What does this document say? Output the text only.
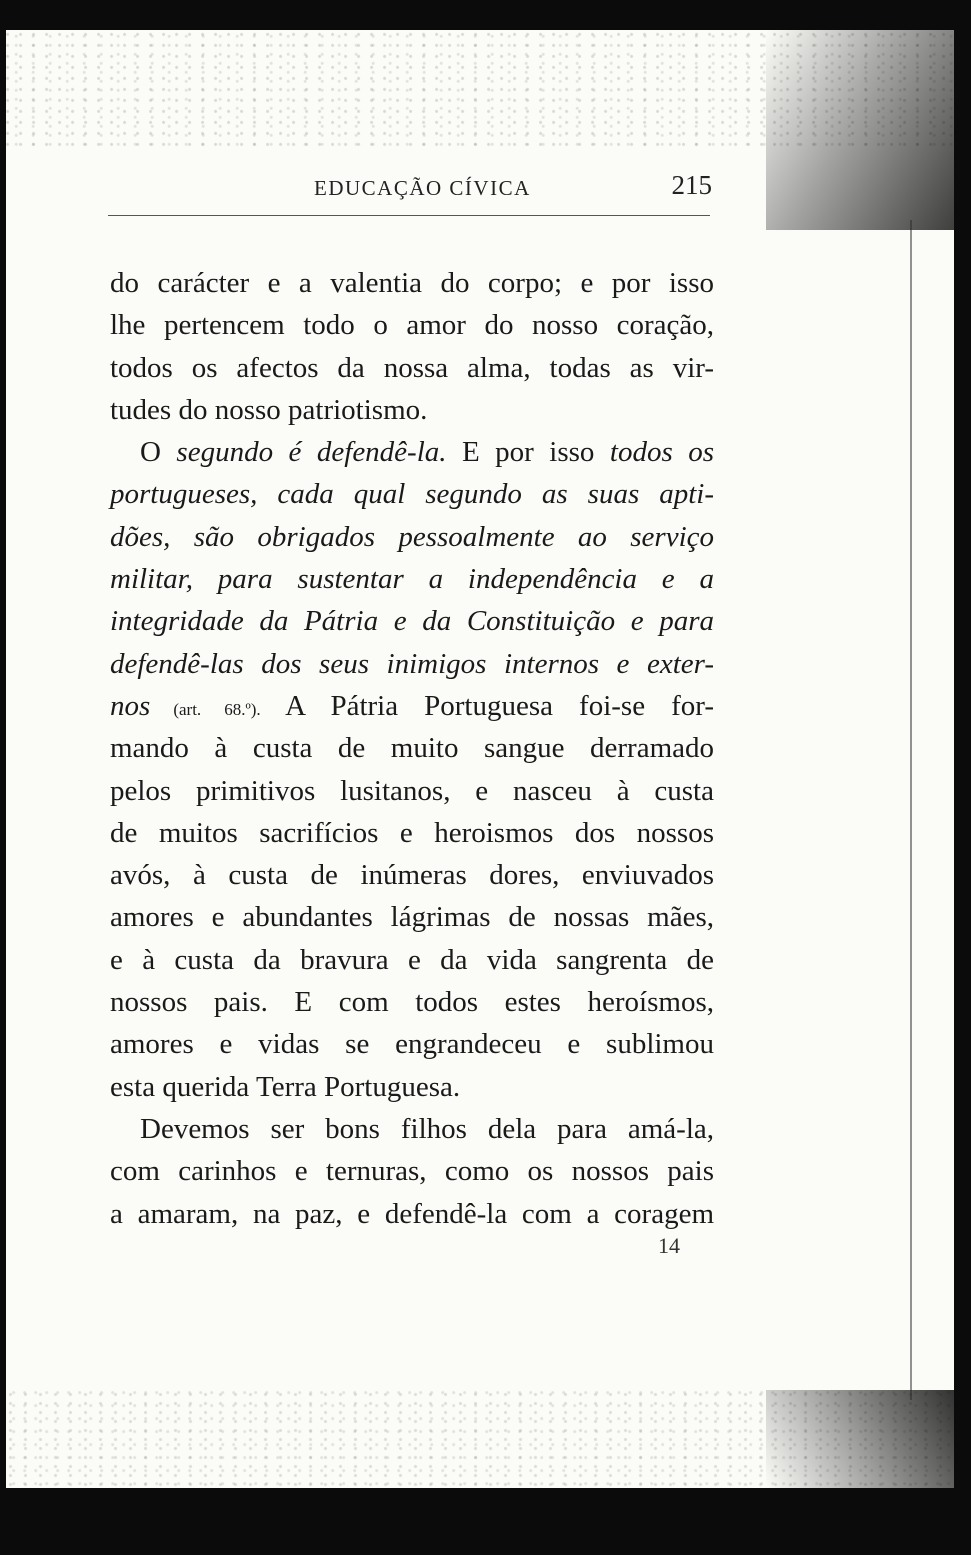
EDUCAÇÃO CÍVICA	215
do carácter e a valentia do corpo; e por isso
lhe pertencem todo o amor do nosso coração,
todos os afectos da nossa alma, todas as vir-
tudes do nosso patriotismo.
O segundo é defendê-la. E por isso todos os
portugueses, cada qual segundo as suas apti-
dões, são obrigados pessoalmente ao serviço
militar, para sustentar a independência e a
integridade da Pátria e da Constituição e para
defendê-las dos seus inimigos internos e exter-
nos (art. 68.º). A Pátria Portuguesa foi-se for-
mando à custa de muito sangue derramado
pelos primitivos lusitanos, e nasceu à custa
de muitos sacrifícios e heroismos dos nossos
avós, à custa de inúmeras dores, enviuvados
amores e abundantes lágrimas de nossas mães,
e à custa da bravura e da vida sangrenta de
nossos pais. E com todos estes heroísmos,
amores e vidas se engrandeceu e sublimou
esta querida Terra Portuguesa.
Devemos ser bons filhos dela para amá-la,
com carinhos e ternuras, como os nossos pais
a amaram, na paz, e defendê-la com a coragem
14
